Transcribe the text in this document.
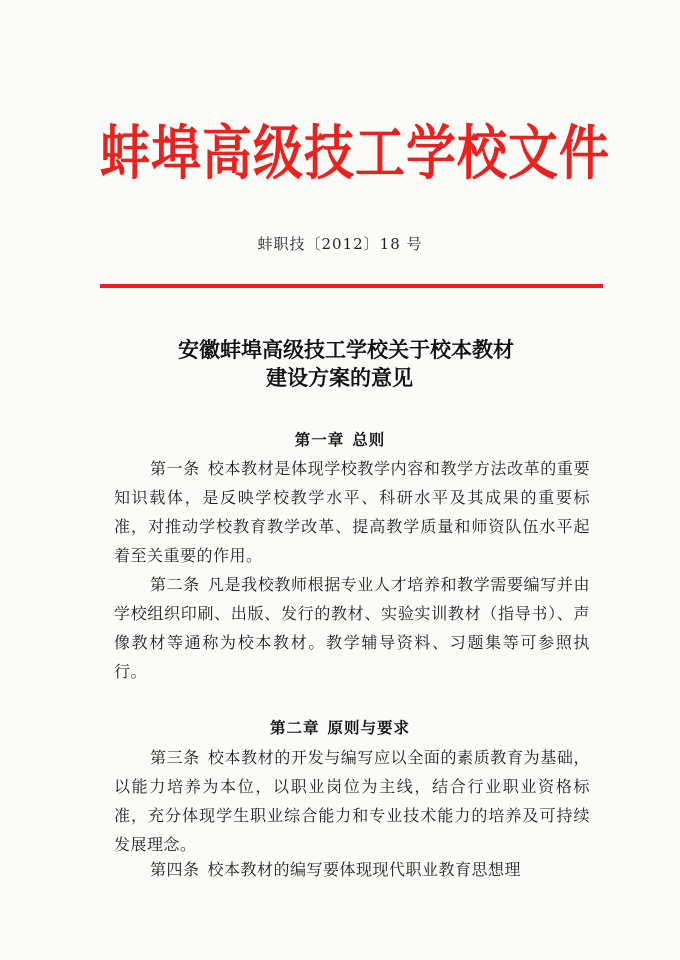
蚌埠高级技工学校文件
蚌职技〔2012〕18 号
安徽蚌埠高级技工学校关于校本教材
建设方案的意见
第一章 总则
第一条 校本教材是体现学校教学内容和教学方法改革的重要知识载体，是反映学校教学水平、科研水平及其成果的重要标准，对推动学校教育教学改革、提高教学质量和师资队伍水平起着至关重要的作用。
第二条 凡是我校教师根据专业人才培养和教学需要编写并由学校组织印刷、出版、发行的教材、实验实训教材（指导书）、声像教材等通称为校本教材。教学辅导资料、习题集等可参照执行。
第二章 原则与要求
第三条 校本教材的开发与编写应以全面的素质教育为基础，以能力培养为本位，以职业岗位为主线，结合行业职业资格标准，充分体现学生职业综合能力和专业技术能力的培养及可持续发展理念。
第四条 校本教材的编写要体现现代职业教育思想理
